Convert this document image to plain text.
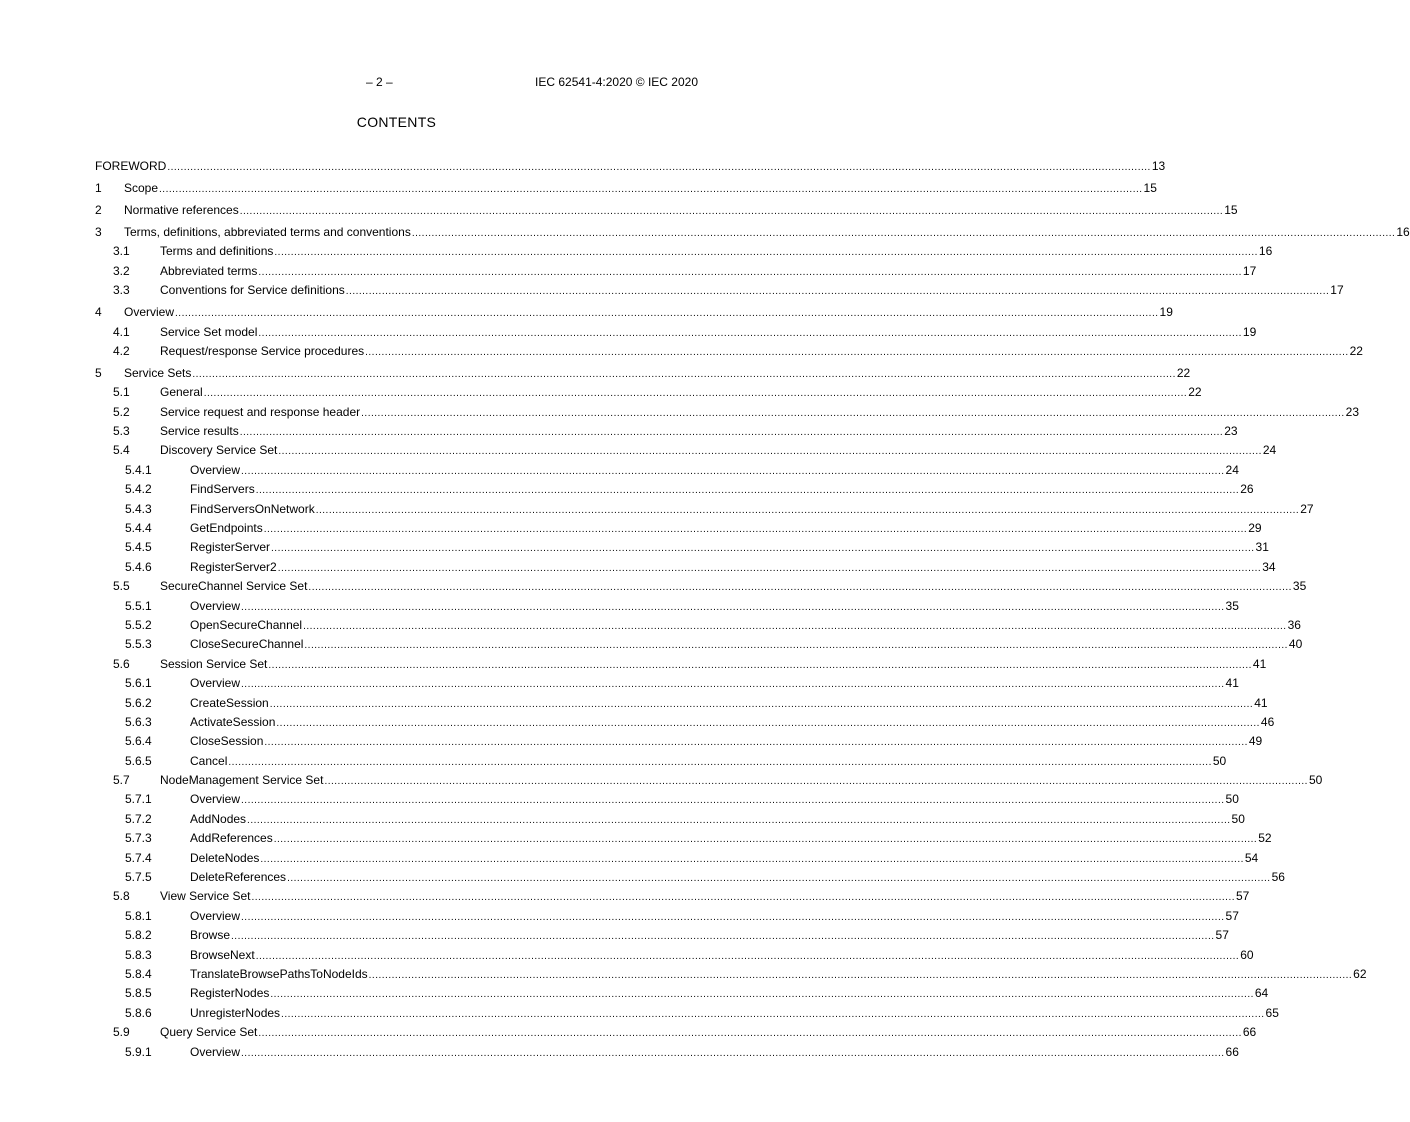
– 2 –	IEC 62541-4:2020 © IEC 2020
CONTENTS
FOREWORD ............................................................................................................................................................................................................................................................................................................ 13
1	Scope ............................................................................................................................................................................................................................................................................................................ 15
2	Normative references ............................................................................................................................................................................................................................................................................................................ 15
3	Terms, definitions, abbreviated terms and conventions ............................................................................................................................................................................................................................................................................................................ 16
3.1	Terms and definitions ............................................................................................................................................................................................................................................................................................................ 16
3.2	Abbreviated terms ............................................................................................................................................................................................................................................................................................................ 17
3.3	Conventions for Service definitions ............................................................................................................................................................................................................................................................................................................ 17
4	Overview ............................................................................................................................................................................................................................................................................................................ 19
4.1	Service Set model ............................................................................................................................................................................................................................................................................................................ 19
4.2	Request/response Service procedures ............................................................................................................................................................................................................................................................................................................ 22
5	Service Sets ............................................................................................................................................................................................................................................................................................................ 22
5.1	General ............................................................................................................................................................................................................................................................................................................ 22
5.2	Service request and response header ............................................................................................................................................................................................................................................................................................................ 23
5.3	Service results ............................................................................................................................................................................................................................................................................................................ 23
5.4	Discovery Service Set ............................................................................................................................................................................................................................................................................................................ 24
5.4.1	Overview ............................................................................................................................................................................................................................................................................................................ 24
5.4.2	FindServers ............................................................................................................................................................................................................................................................................................................ 26
5.4.3	FindServersOnNetwork ............................................................................................................................................................................................................................................................................................................ 27
5.4.4	GetEndpoints ............................................................................................................................................................................................................................................................................................................ 29
5.4.5	RegisterServer ............................................................................................................................................................................................................................................................................................................ 31
5.4.6	RegisterServer2 ............................................................................................................................................................................................................................................................................................................ 34
5.5	SecureChannel Service Set ............................................................................................................................................................................................................................................................................................................ 35
5.5.1	Overview ............................................................................................................................................................................................................................................................................................................ 35
5.5.2	OpenSecureChannel ............................................................................................................................................................................................................................................................................................................ 36
5.5.3	CloseSecureChannel ............................................................................................................................................................................................................................................................................................................ 40
5.6	Session Service Set ............................................................................................................................................................................................................................................................................................................ 41
5.6.1	Overview ............................................................................................................................................................................................................................................................................................................ 41
5.6.2	CreateSession ............................................................................................................................................................................................................................................................................................................ 41
5.6.3	ActivateSession ............................................................................................................................................................................................................................................................................................................ 46
5.6.4	CloseSession ............................................................................................................................................................................................................................................................................................................ 49
5.6.5	Cancel ............................................................................................................................................................................................................................................................................................................ 50
5.7	NodeManagement Service Set ............................................................................................................................................................................................................................................................................................................ 50
5.7.1	Overview ............................................................................................................................................................................................................................................................................................................ 50
5.7.2	AddNodes ............................................................................................................................................................................................................................................................................................................ 50
5.7.3	AddReferences ............................................................................................................................................................................................................................................................................................................ 52
5.7.4	DeleteNodes ............................................................................................................................................................................................................................................................................................................ 54
5.7.5	DeleteReferences ............................................................................................................................................................................................................................................................................................................ 56
5.8	View Service Set ............................................................................................................................................................................................................................................................................................................ 57
5.8.1	Overview ............................................................................................................................................................................................................................................................................................................ 57
5.8.2	Browse ............................................................................................................................................................................................................................................................................................................ 57
5.8.3	BrowseNext ............................................................................................................................................................................................................................................................................................................ 60
5.8.4	TranslateBrowsePathsToNodeIds ............................................................................................................................................................................................................................................................................................................ 62
5.8.5	RegisterNodes ............................................................................................................................................................................................................................................................................................................ 64
5.8.6	UnregisterNodes ............................................................................................................................................................................................................................................................................................................ 65
5.9	Query Service Set ............................................................................................................................................................................................................................................................................................................ 66
5.9.1	Overview ............................................................................................................................................................................................................................................................................................................ 66
